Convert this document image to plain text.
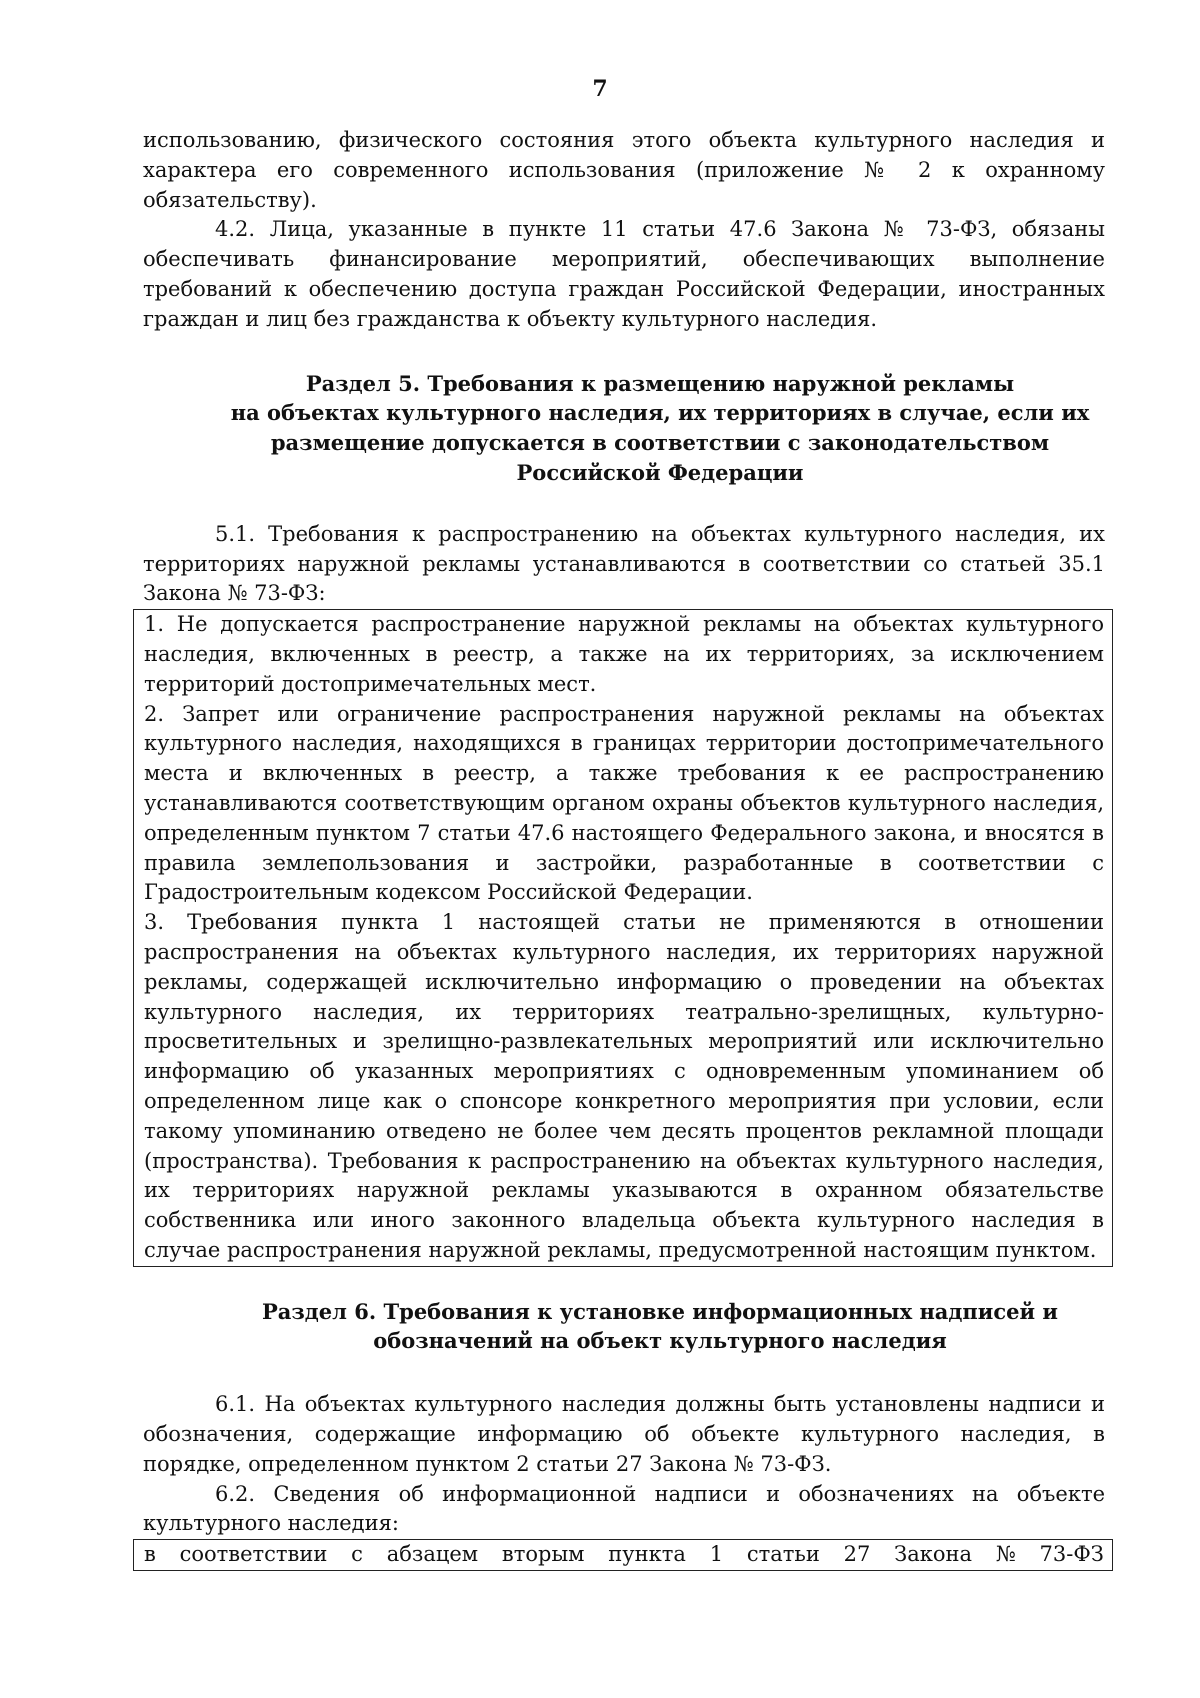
7

использованию, физического состояния этого объекта культурного наследия и характера его современного использования (приложение № 2 к охранному обязательству).

4.2. Лица, указанные в пункте 11 статьи 47.6 Закона № 73-ФЗ, обязаны обеспечивать финансирование мероприятий, обеспечивающих выполнение требований к обеспечению доступа граждан Российской Федерации, иностранных граждан и лиц без гражданства к объекту культурного наследия.

Раздел 5. Требования к размещению наружной рекламы
на объектах культурного наследия, их территориях в случае, если их
размещение допускается в соответствии с законодательством
Российской Федерации

5.1. Требования к распространению на объектах культурного наследия, их территориях наружной рекламы устанавливаются в соответствии со статьей 35.1 Закона № 73-ФЗ:

1. Не допускается распространение наружной рекламы на объектах культурного наследия, включенных в реестр, а также на их территориях, за исключением территорий достопримечательных мест.

2. Запрет или ограничение распространения наружной рекламы на объектах культурного наследия, находящихся в границах территории достопримечательного места и включенных в реестр, а также требования к ее распространению устанавливаются соответствующим органом охраны объектов культурного наследия, определенным пунктом 7 статьи 47.6 настоящего Федерального закона, и вносятся в правила землепользования и застройки, разработанные в соответствии с Градостроительным кодексом Российской Федерации.

3. Требования пункта 1 настоящей статьи не применяются в отношении распространения на объектах культурного наследия, их территориях наружной рекламы, содержащей исключительно информацию о проведении на объектах культурного наследия, их территориях театрально-зрелищных, культурно-просветительных и зрелищно-развлекательных мероприятий или исключительно информацию об указанных мероприятиях с одновременным упоминанием об определенном лице как о спонсоре конкретного мероприятия при условии, если такому упоминанию отведено не более чем десять процентов рекламной площади (пространства). Требования к распространению на объектах культурного наследия, их территориях наружной рекламы указываются в охранном обязательстве собственника или иного законного владельца объекта культурного наследия в случае распространения наружной рекламы, предусмотренной настоящим пунктом.

Раздел 6. Требования к установке информационных надписей и
обозначений на объект культурного наследия

6.1. На объектах культурного наследия должны быть установлены надписи и обозначения, содержащие информацию об объекте культурного наследия, в порядке, определенном пунктом 2 статьи 27 Закона № 73-ФЗ.

6.2. Сведения об информационной надписи и обозначениях на объекте культурного наследия:

в соответствии с абзацем вторым пункта 1 статьи 27 Закона № 73-ФЗ
